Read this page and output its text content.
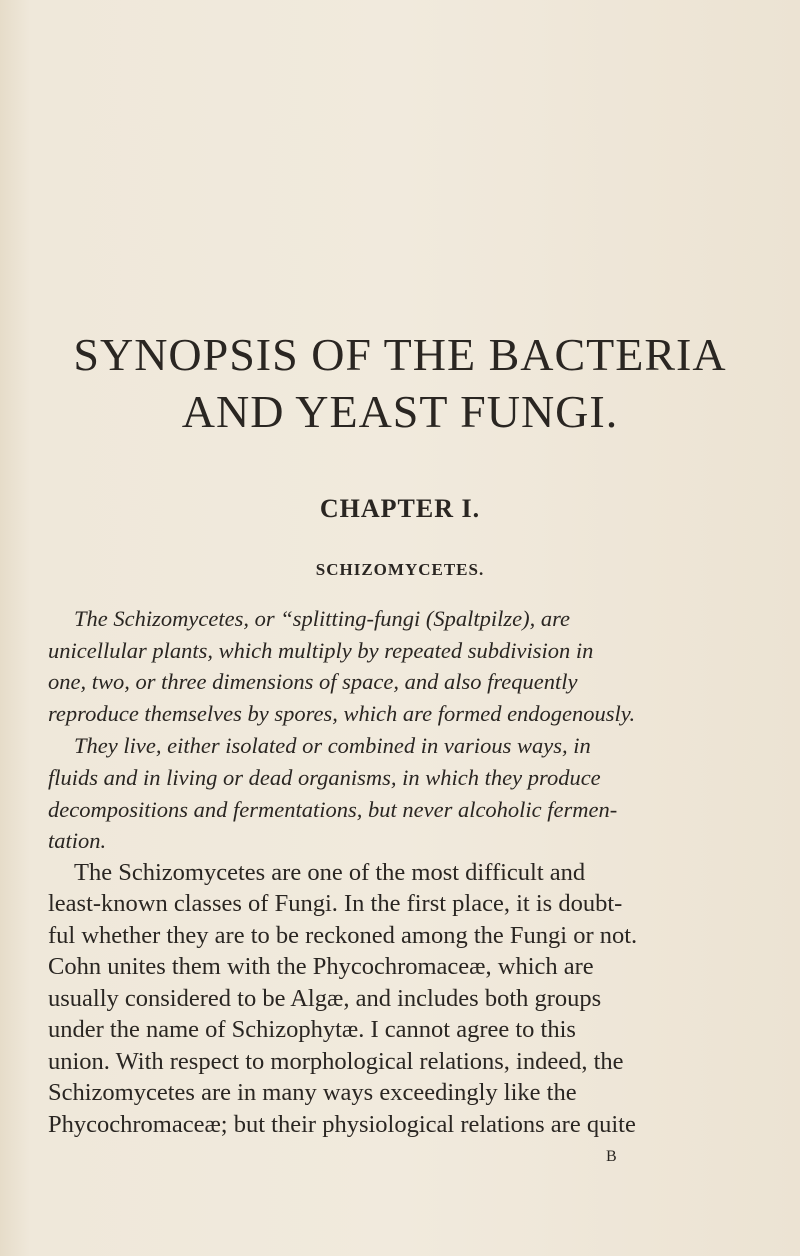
SYNOPSIS OF THE BACTERIA
AND YEAST FUNGI.
CHAPTER I.
SCHIZOMYCETES.

The Schizomycetes, or “splitting-fungi (Spaltpilze), are

unicellular plants, which multiply by repeated subdivision in

one, two, or three dimensions of space, and also frequently

reproduce themselves by spores, which are formed endogenously.

They live, either isolated or combined in various ways, in

fluids and in living or dead organisms, in which they produce

decompositions and fermentations, but never alcoholic fermen-

tation.

The Schizomycetes are one of the most difficult and

least-known classes of Fungi. In the first place, it is doubt-

ful whether they are to be reckoned among the Fungi or not.

Cohn unites them with the Phycochromaceæ, which are

usually considered to be Algæ, and includes both groups

under the name of Schizophytæ. I cannot agree to this

union. With respect to morphological relations, indeed, the

Schizomycetes are in many ways exceedingly like the

Phycochromaceæ; but their physiological relations are quite

B
